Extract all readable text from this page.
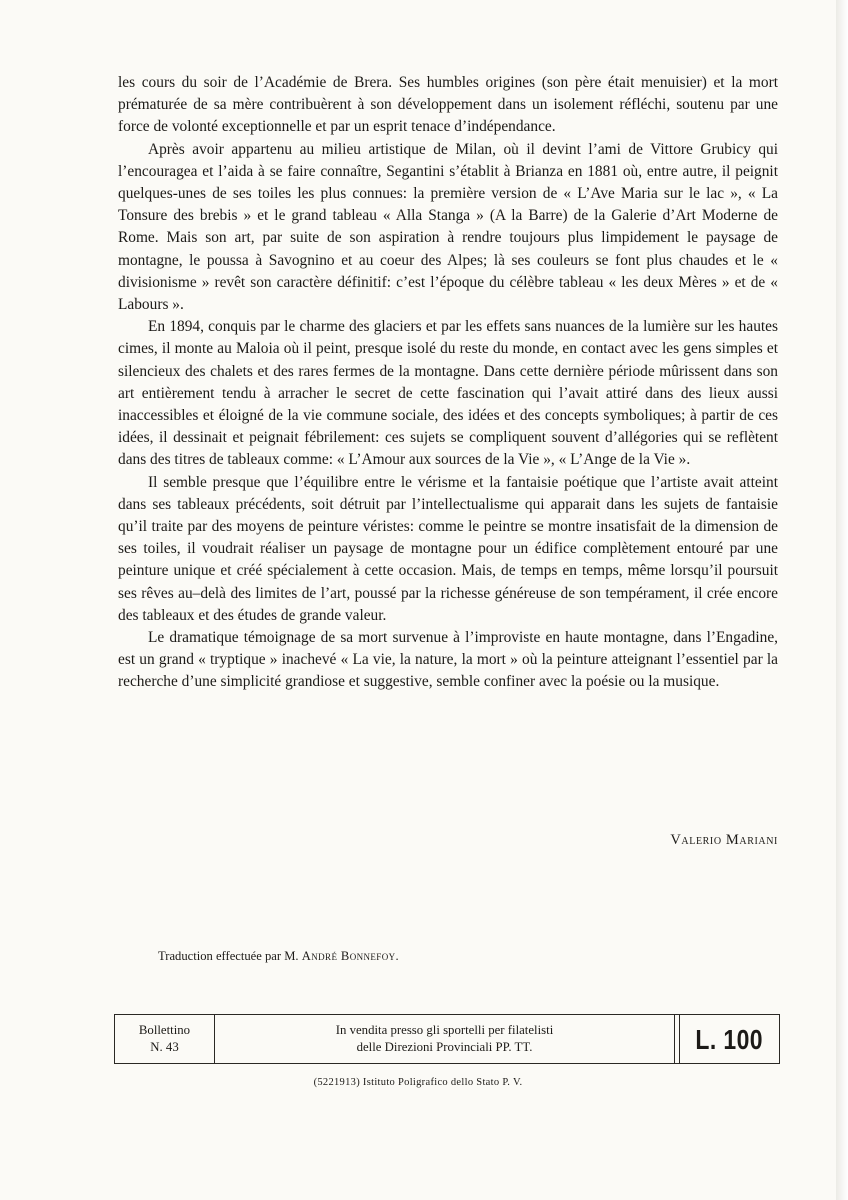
les cours du soir de l’Académie de Brera. Ses humbles origines (son père était menuisier) et la mort prématurée de sa mère contribuèrent à son développement dans un isolement réfléchi, soutenu par une force de volonté exceptionnelle et par un esprit tenace d’indépendance.

Après avoir appartenu au milieu artistique de Milan, où il devint l’ami de Vittore Grubicy qui l’encouragea et l’aida à se faire connaître, Segantini s’établit à Brianza en 1881 où, entre autre, il peignit quelques-unes de ses toiles les plus connues: la première version de « L’Ave Maria sur le lac », « La Tonsure des brebis » et le grand tableau « Alla Stanga » (A la Barre) de la Galerie d’Art Moderne de Rome. Mais son art, par suite de son aspiration à rendre toujours plus limpidement le paysage de montagne, le poussa à Savognino et au coeur des Alpes; là ses couleurs se font plus chaudes et le « divisionisme » revêt son caractère définitif: c’est l’époque du célèbre tableau « les deux Mères » et de « Labours ».

En 1894, conquis par le charme des glaciers et par les effets sans nuances de la lumière sur les hautes cimes, il monte au Maloia où il peint, presque isolé du reste du monde, en contact avec les gens simples et silencieux des chalets et des rares fermes de la montagne. Dans cette dernière période mûrissent dans son art entièrement tendu à arracher le secret de cette fascination qui l’avait attiré dans des lieux aussi inaccessibles et éloigné de la vie commune sociale, des idées et des concepts symboliques; à partir de ces idées, il dessinait et peignait fébrilement: ces sujets se compliquent souvent d’allégories qui se reflètent dans des titres de tableaux comme: « L’Amour aux sources de la Vie », « L’Ange de la Vie ».

Il semble presque que l’équilibre entre le vérisme et la fantaisie poétique que l’artiste avait atteint dans ses tableaux précédents, soit détruit par l’intellectualisme qui apparait dans les sujets de fantaisie qu’il traite par des moyens de peinture véristes: comme le peintre se montre insatisfait de la dimension de ses toiles, il voudrait réaliser un paysage de montagne pour un édifice complètement entouré par une peinture unique et créé spécialement à cette occasion. Mais, de temps en temps, même lorsqu’il poursuit ses rêves au–delà des limites de l’art, poussé par la richesse généreuse de son tempérament, il crée encore des tableaux et des études de grande valeur.

Le dramatique témoignage de sa mort survenue à l’improviste en haute montagne, dans l’Engadine, est un grand « tryptique » inachevé « La vie, la nature, la mort » où la peinture atteignant l’essentiel par la recherche d’une simplicité grandiose et suggestive, semble confiner avec la poésie ou la musique.

Valerio Mariani
Traduction effectuée par M. André Bonnefoy.
Bollettino
N. 43
In vendita presso gli sportelli per filatelisti
delle Direzioni Provinciali PP. TT.	L. 100
(5221913) Istituto Poligrafico dello Stato P. V.
